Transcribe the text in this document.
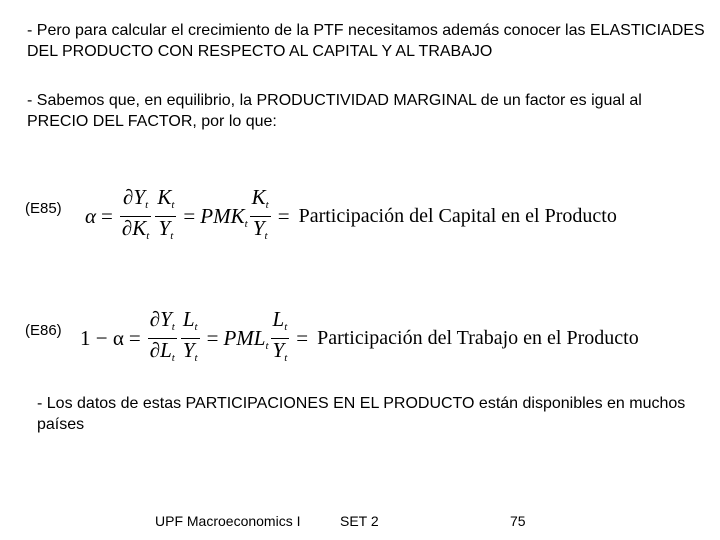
- Pero para calcular el crecimiento de la PTF necesitamos además conocer las ELASTICIADES DEL PRODUCTO CON RESPECTO AL CAPITAL Y AL TRABAJO
- Sabemos que, en equilibrio, la PRODUCTIVIDAD MARGINAL de un factor es igual al PRECIO DEL FACTOR, por lo que:
(E85) $\alpha = \frac{\partial Y_t}{\partial K_t} \frac{K_t}{Y_t} = PMK_t \frac{K_t}{Y_t}$ = Participación del Capital en el Producto
(E86) $1 - \alpha = \frac{\partial Y_t}{\partial L_t} \frac{L_t}{Y_t} = PML_t \frac{L_t}{Y_t}$ = Participación del Trabajo en el Producto
- Los datos de estas PARTICIPACIONES EN EL PRODUCTO están disponibles en muchos países
UPF Macroeconomics I	SET 2	75
